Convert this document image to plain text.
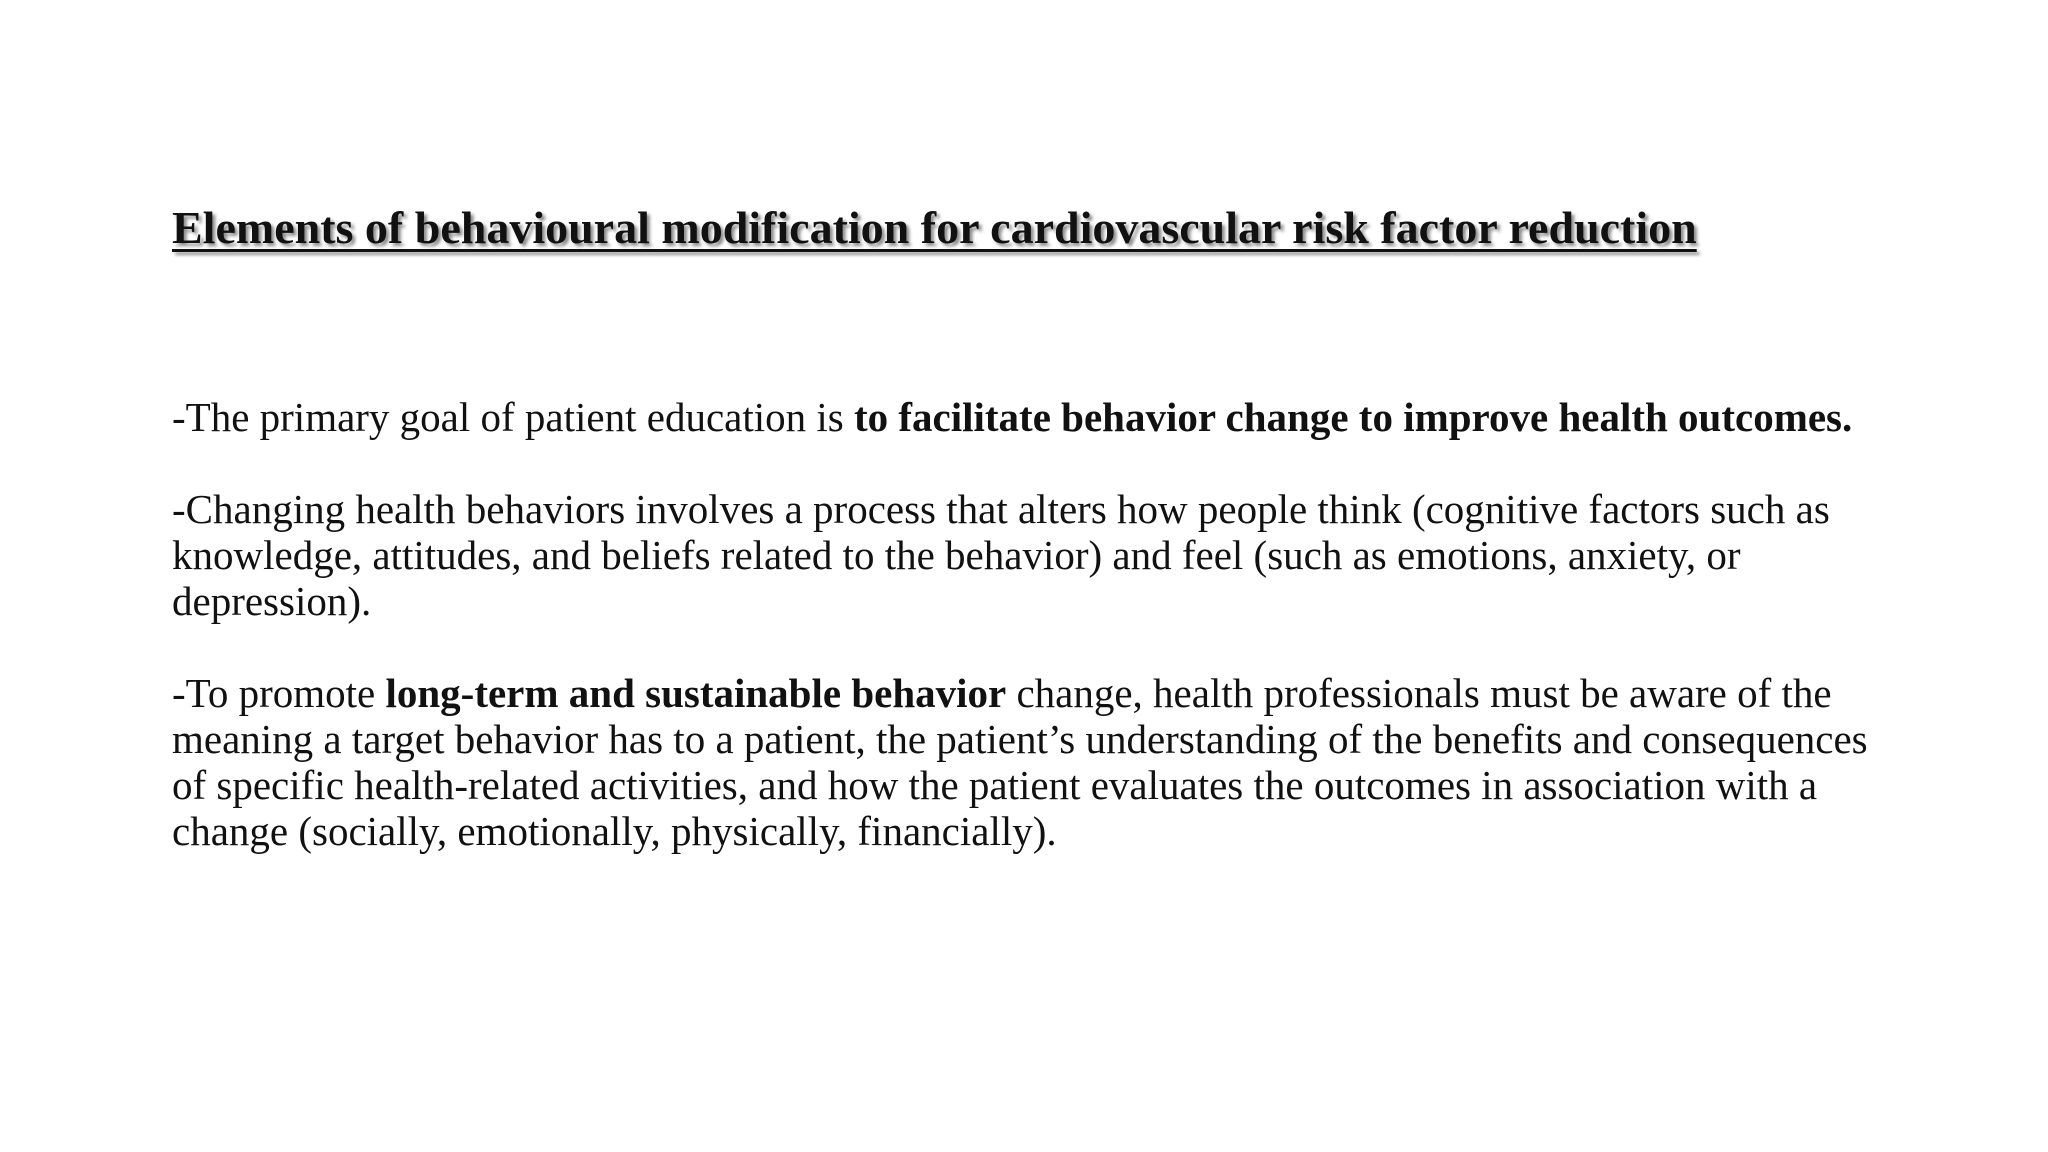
Elements of behavioural modification for cardiovascular risk factor reduction

-The primary goal of patient education is to facilitate behavior change to improve health outcomes.

-Changing health behaviors involves a process that alters how people think (cognitive factors such as knowledge, attitudes, and beliefs related to the behavior) and feel (such as emotions, anxiety, or depression).

-To promote long-term and sustainable behavior change, health professionals must be aware of the meaning a target behavior has to a patient, the patient’s understanding of the benefits and consequences of specific health-related activities, and how the patient evaluates the outcomes in association with a change (socially, emotionally, physically, financially).
